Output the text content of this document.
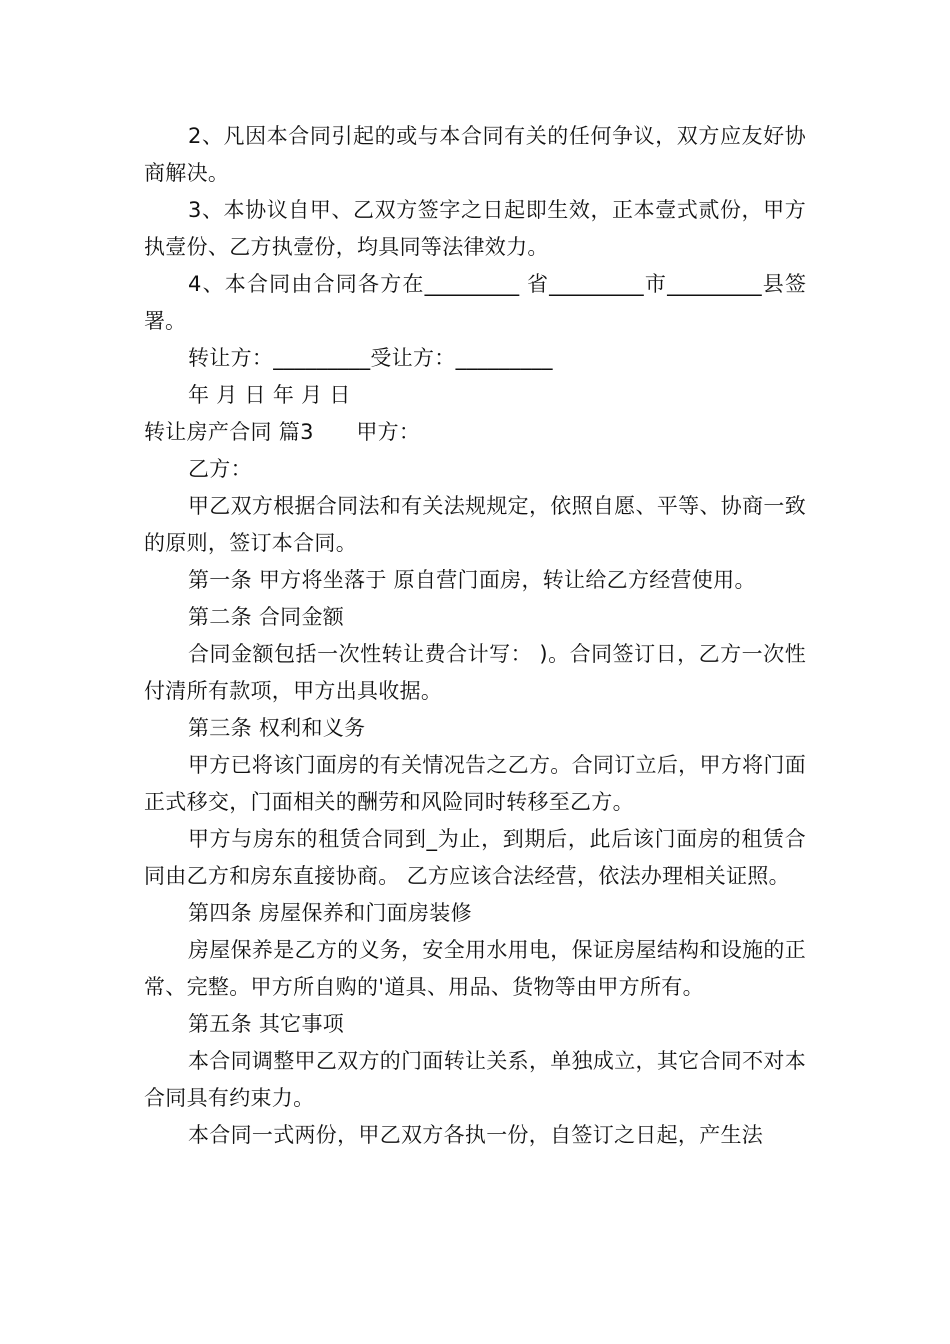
2、凡因本合同引起的或与本合同有关的任何争议，双方应友好协商解决。

3、本协议自甲、乙双方签字之日起即生效，正本壹式贰份，甲方执壹份、乙方执壹份，均具同等法律效力。

4、本合同由合同各方在_________ 省_________市_________县签署。

转让方：_________受让方：_________

年 月 日 年 月 日

转让房产合同 篇3　　甲方：

乙方：

甲乙双方根据合同法和有关法规规定，依照自愿、平等、协商一致的原则，签订本合同。

第一条 甲方将坐落于 原自营门面房，转让给乙方经营使用。

第二条 合同金额

合同金额包括一次性转让费合计写： )。合同签订日，乙方一次性付清所有款项，甲方出具收据。

第三条 权利和义务

甲方已将该门面房的有关情况告之乙方。合同订立后，甲方将门面正式移交，门面相关的酬劳和风险同时转移至乙方。

甲方与房东的租赁合同到_为止，到期后，此后该门面房的租赁合同由乙方和房东直接协商。 乙方应该合法经营，依法办理相关证照。

第四条 房屋保养和门面房装修

房屋保养是乙方的义务，安全用水用电，保证房屋结构和设施的正常、完整。甲方所自购的'道具、用品、货物等由甲方所有。

第五条 其它事项

本合同调整甲乙双方的门面转让关系，单独成立，其它合同不对本合同具有约束力。

本合同一式两份，甲乙双方各执一份，自签订之日起，产生法
